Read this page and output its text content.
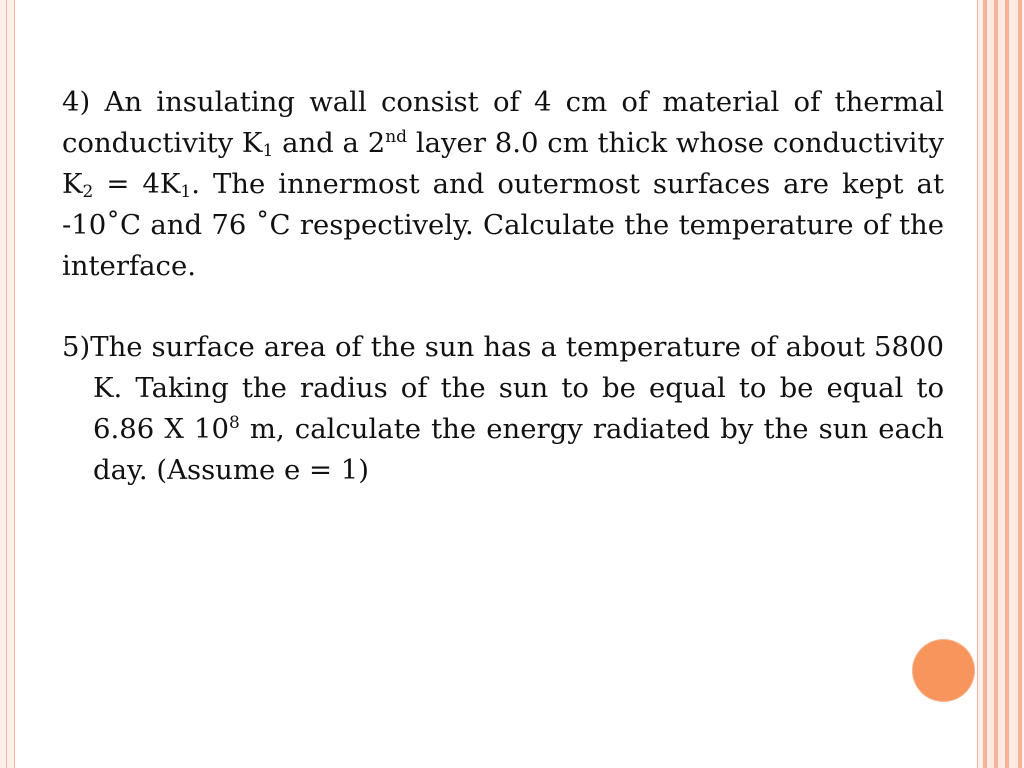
4) An insulating wall consist of 4 cm of material of thermal conductivity $K_1$ and a 2nd layer 8.0 cm thick whose conductivity $K_2 = 4K_1$. The innermost and outermost surfaces are kept at -10˚C and 76 ˚C respectively. Calculate the temperature of the interface.

5)The surface area of the sun has a temperature of about 5800 K. Taking the radius of the sun to be equal to be equal to 6.86 X $10^8$ m, calculate the energy radiated by the sun each day. (Assume e = 1)
